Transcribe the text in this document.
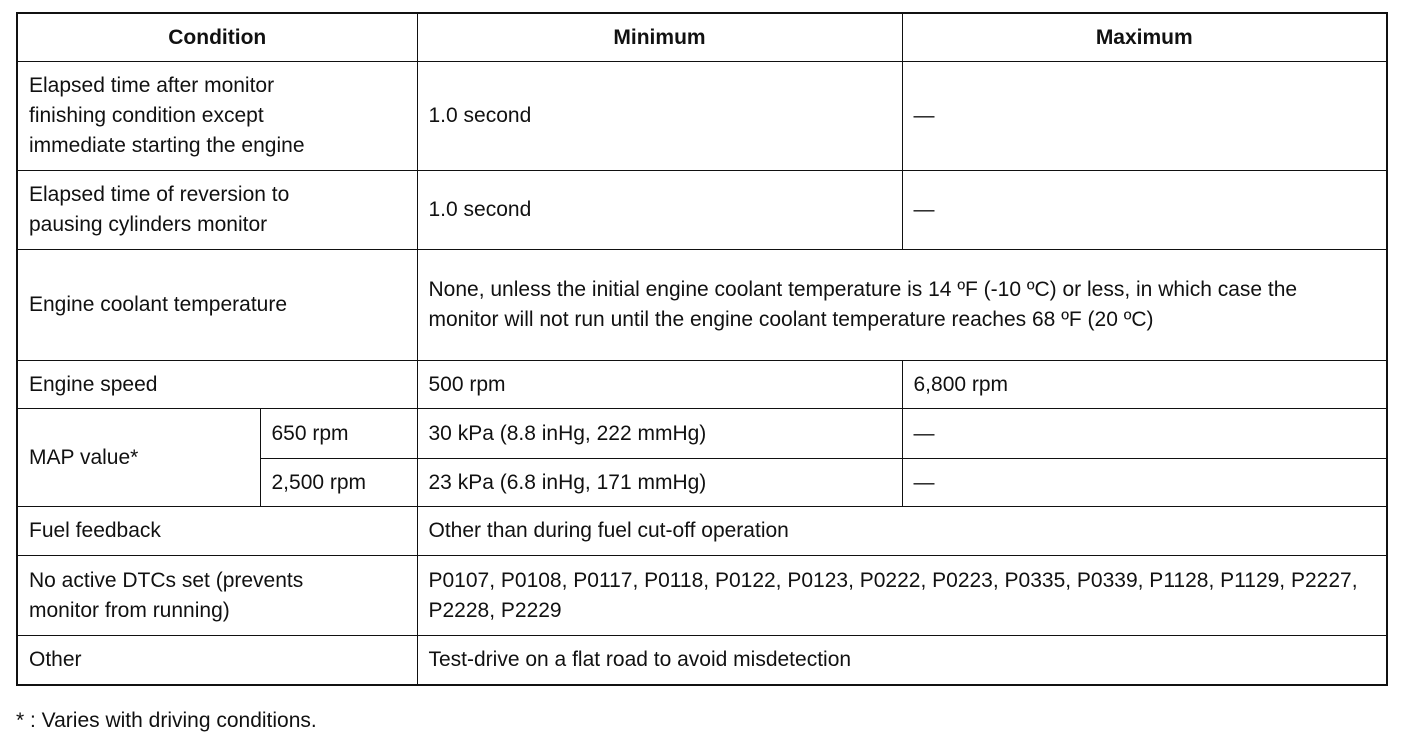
Condition		Minimum	Maximum
Elapsed time after monitor
finishing condition except
immediate starting the engine		1.0 second	—
Elapsed time of reversion to
pausing cylinders monitor		1.0 second	—
Engine coolant temperature		None, unless the initial engine coolant temperature is 14 ºF (-10 ºC) or less, in which case the monitor will not run until the engine coolant temperature reaches 68 ºF (20 ºC)	
Engine speed		500 rpm	6,800 rpm
MAP value*	650 rpm	30 kPa (8.8 inHg, 222 mmHg)	—
	2,500 rpm	23 kPa (6.8 inHg, 171 mmHg)	—
Fuel feedback		Other than during fuel cut-off operation	
No active DTCs set (prevents
monitor from running)		P0107, P0108, P0117, P0118, P0122, P0123, P0222, P0223, P0335, P0339, P1128, P1129, P2227, P2228, P2229	
Other		Test-drive on a flat road to avoid misdetection	
* : Varies with driving conditions.
